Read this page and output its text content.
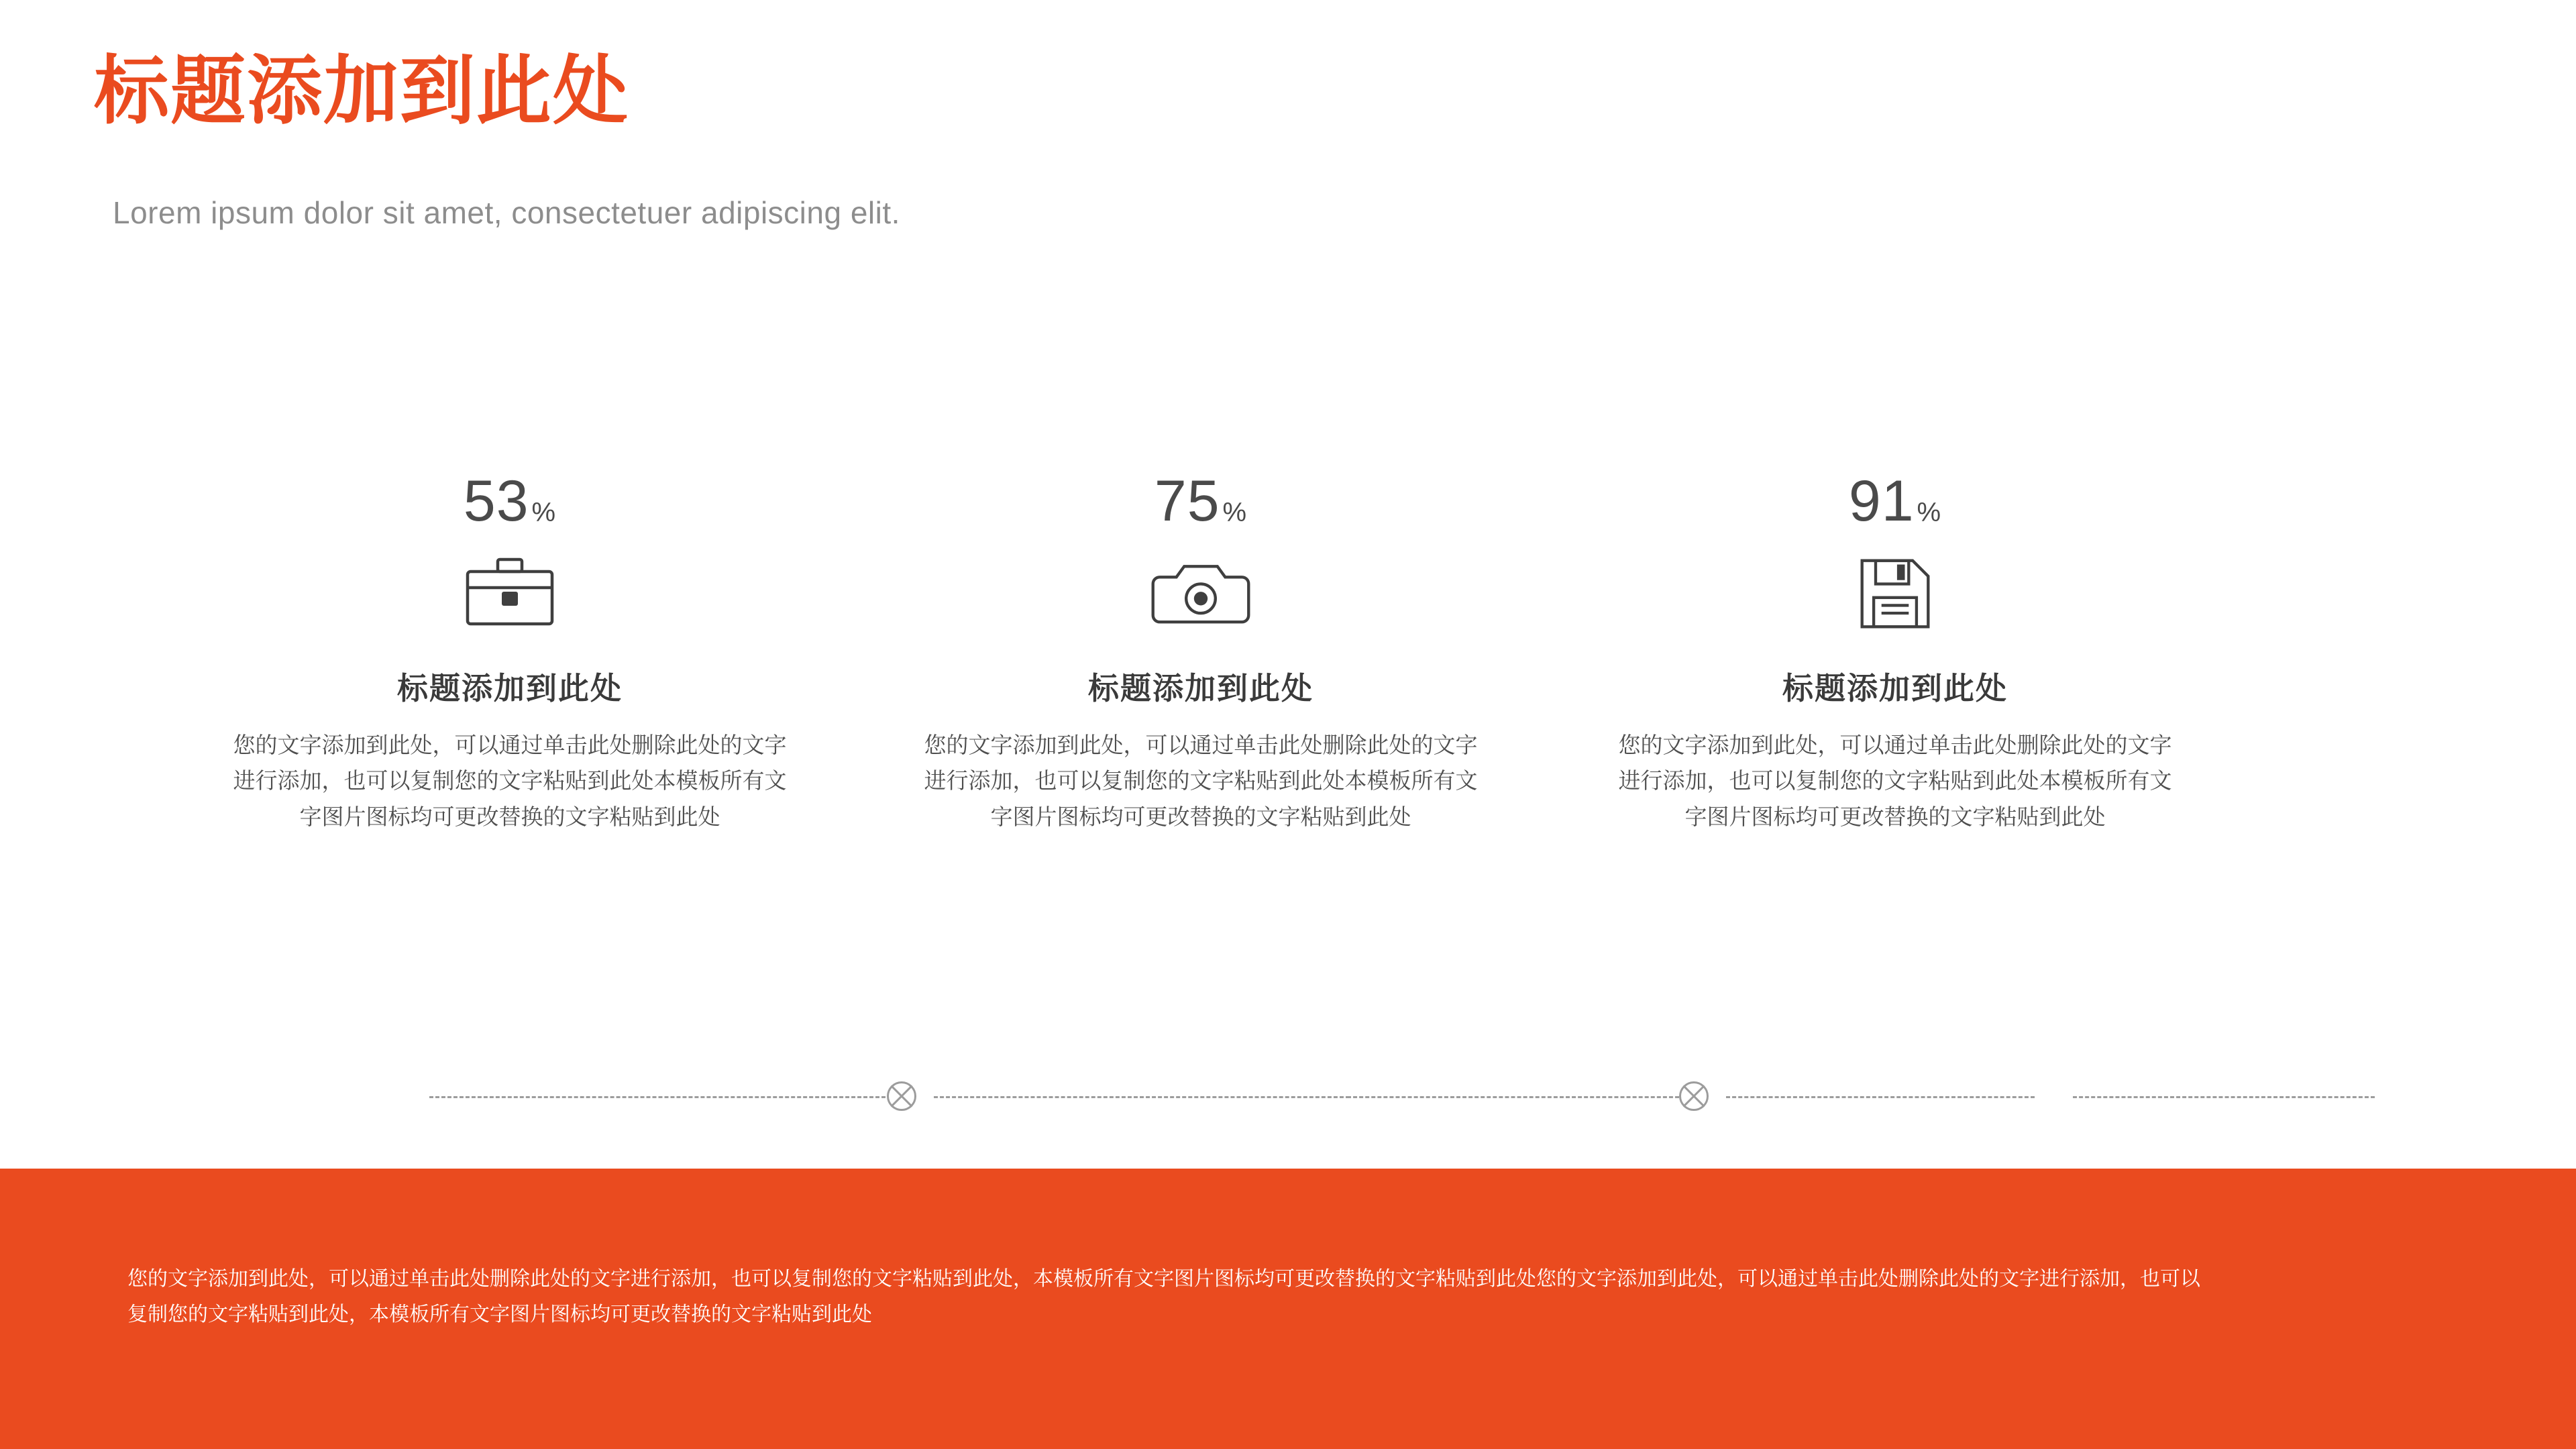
标题添加到此处
Lorem ipsum dolor sit amet, consectetuer adipiscing elit.
53 %
标题添加到此处
您的文字添加到此处，可以通过单击此处删除此处的文字进行添加，也可以复制您的文字粘贴到此处本模板所有文字图片图标均可更改替换的文字粘贴到此处
75 %
标题添加到此处
您的文字添加到此处，可以通过单击此处删除此处的文字进行添加，也可以复制您的文字粘贴到此处本模板所有文字图片图标均可更改替换的文字粘贴到此处
91 %
标题添加到此处
您的文字添加到此处，可以通过单击此处删除此处的文字进行添加，也可以复制您的文字粘贴到此处本模板所有文字图片图标均可更改替换的文字粘贴到此处
您的文字添加到此处，可以通过单击此处删除此处的文字进行添加，也可以复制您的文字粘贴到此处，本模板所有文字图片图标均可更改替换的文字粘贴到此处您的文字添加到此处，可以通过单击此处删除此处的文字进行添加，也可以复制您的文字粘贴到此处，本模板所有文字图片图标均可更改替换的文字粘贴到此处
